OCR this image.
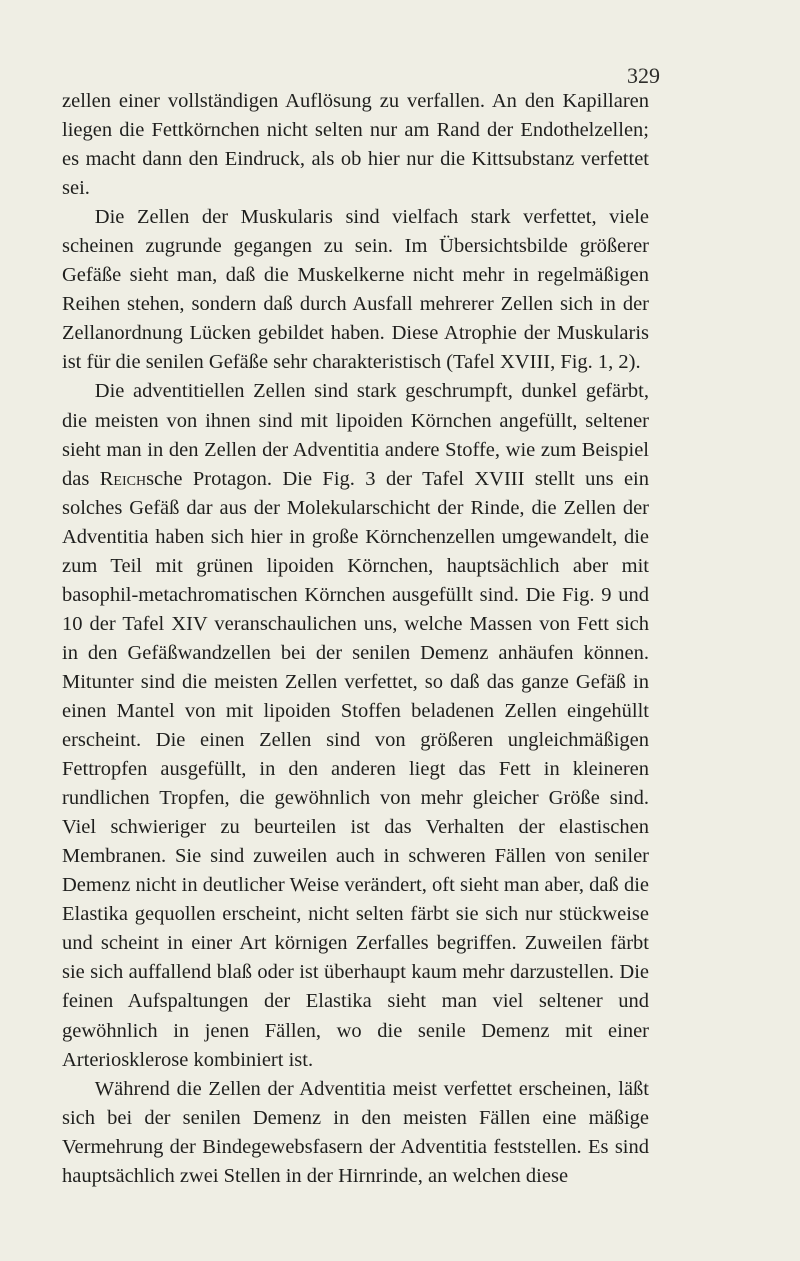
329

zellen einer vollständigen Auflösung zu verfallen. An den Kapillaren liegen die Fettkörnchen nicht selten nur am Rand der Endothelzellen; es macht dann den Eindruck, als ob hier nur die Kittsubstanz verfettet sei.

Die Zellen der Muskularis sind vielfach stark verfettet, viele scheinen zugrunde gegangen zu sein. Im Übersichtsbilde größerer Gefäße sieht man, daß die Muskelkerne nicht mehr in regelmäßigen Reihen stehen, sondern daß durch Ausfall mehrerer Zellen sich in der Zellanordnung Lücken gebildet haben. Diese Atrophie der Muskularis ist für die senilen Gefäße sehr charakteristisch (Tafel XVIII, Fig. 1, 2).

Die adventitiellen Zellen sind stark geschrumpft, dunkel gefärbt, die meisten von ihnen sind mit lipoiden Körnchen angefüllt, seltener sieht man in den Zellen der Adventitia andere Stoffe, wie zum Beispiel das Reichsche Protagon. Die Fig. 3 der Tafel XVIII stellt uns ein solches Gefäß dar aus der Molekularschicht der Rinde, die Zellen der Adventitia haben sich hier in große Körnchenzellen umgewandelt, die zum Teil mit grünen lipoiden Körnchen, hauptsächlich aber mit basophil-metachromatischen Körnchen ausgefüllt sind. Die Fig. 9 und 10 der Tafel XIV veranschaulichen uns, welche Massen von Fett sich in den Gefäßwandzellen bei der senilen Demenz anhäufen können. Mitunter sind die meisten Zellen verfettet, so daß das ganze Gefäß in einen Mantel von mit lipoiden Stoffen beladenen Zellen eingehüllt erscheint. Die einen Zellen sind von größeren ungleichmäßigen Fettropfen ausgefüllt, in den anderen liegt das Fett in kleineren rundlichen Tropfen, die gewöhnlich von mehr gleicher Größe sind. Viel schwieriger zu beurteilen ist das Verhalten der elastischen Membranen. Sie sind zuweilen auch in schweren Fällen von seniler Demenz nicht in deutlicher Weise verändert, oft sieht man aber, daß die Elastika gequollen erscheint, nicht selten färbt sie sich nur stückweise und scheint in einer Art körnigen Zerfalles begriffen. Zuweilen färbt sie sich auffallend blaß oder ist überhaupt kaum mehr darzustellen. Die feinen Aufspaltungen der Elastika sieht man viel seltener und gewöhnlich in jenen Fällen, wo die senile Demenz mit einer Arteriosklerose kombiniert ist.

Während die Zellen der Adventitia meist verfettet erscheinen, läßt sich bei der senilen Demenz in den meisten Fällen eine mäßige Vermehrung der Bindegewebsfasern der Adventitia feststellen. Es sind hauptsächlich zwei Stellen in der Hirnrinde, an welchen diese
